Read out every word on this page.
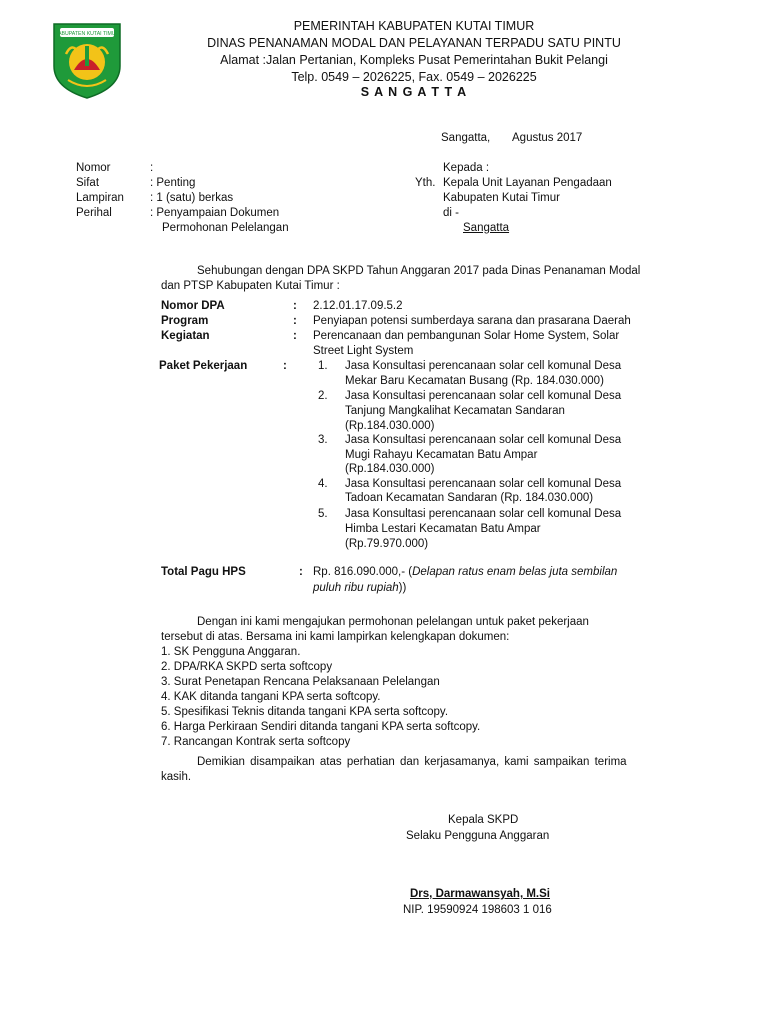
KABUPATEN KUTAI TIMUR
PEMERINTAH KABUPATEN KUTAI TIMUR
DINAS PENANAMAN MODAL DAN PELAYANAN TERPADU SATU PINTU
Alamat :Jalan Pertanian, Kompleks Pusat Pemerintahan Bukit Pelangi
Telp. 0549 – 2026225, Fax. 0549 – 2026225
S A N G A T T A
Sangatta, Agustus 2017
Nomor	:
Sifat	: Penting
Lampiran : 1 (satu) berkas
Perihal	: Penyampaian Dokumen
Permohonan Pelelangan
Kepada :
Yth. Kepala Unit Layanan Pengadaan
Kabupaten Kutai Timur
di -
Sangatta
Sehubungan dengan DPA SKPD Tahun Anggaran 2017 pada Dinas Penanaman Modal
dan PTSP Kabupaten Kutai Timur :
Nomor DPA	: 2.12.01.17.09.5.2
Program	: Penyiapan potensi sumberdaya sarana dan prasarana Daerah
Kegiatan	: Perencanaan dan pembangunan Solar Home System, Solar
Street Light System
Paket Pekerjaan	:	1. Jasa Konsultasi perencanaan solar cell komunal Desa
Mekar Baru Kecamatan Busang (Rp. 184.030.000)
2. Jasa Konsultasi perencanaan solar cell komunal Desa
Tanjung Mangkalihat Kecamatan Sandaran
(Rp.184.030.000)
3. Jasa Konsultasi perencanaan solar cell komunal Desa
Mugi Rahayu Kecamatan Batu Ampar
(Rp.184.030.000)
4. Jasa Konsultasi perencanaan solar cell komunal Desa
Tadoan Kecamatan Sandaran (Rp. 184.030.000)
5. Jasa Konsultasi perencanaan solar cell komunal Desa
Himba Lestari Kecamatan Batu Ampar
(Rp.79.970.000)
Total Pagu HPS	: Rp. 816.090.000,- (Delapan ratus enam belas juta sembilan
puluh ribu rupiah))
Dengan ini kami mengajukan permohonan pelelangan untuk paket pekerjaan
tersebut di atas. Bersama ini kami lampirkan kelengkapan dokumen:
1. SK Pengguna Anggaran.
2. DPA/RKA SKPD serta softcopy
3. Surat Penetapan Rencana Pelaksanaan Pelelangan
4. KAK ditanda tangani KPA serta softcopy.
5. Spesifikasi Teknis ditanda tangani KPA serta softcopy.
6. Harga Perkiraan Sendiri ditanda tangani KPA serta softcopy.
7. Rancangan Kontrak serta softcopy
Demikian disampaikan atas perhatian dan kerjasamanya, kami sampaikan terima
kasih.
Kepala SKPD
Selaku Pengguna Anggaran
Drs, Darmawansyah, M.Si
NIP. 19590924 198603 1 016
